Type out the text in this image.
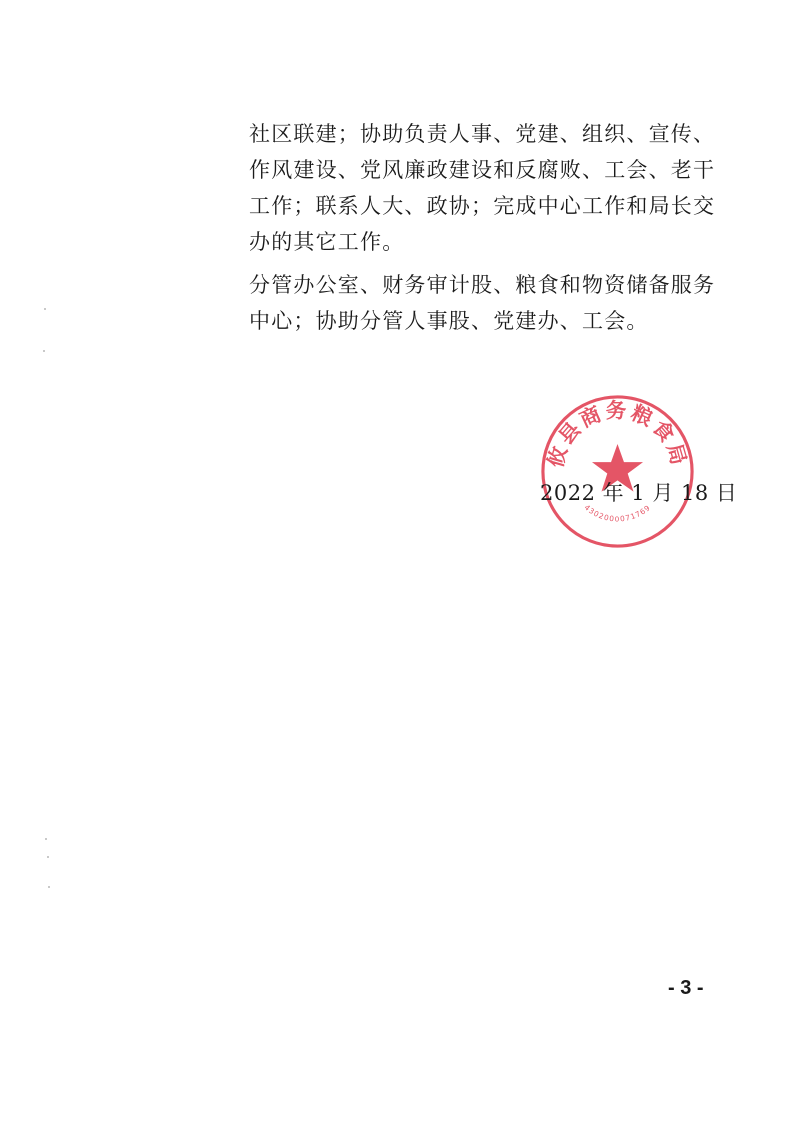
社区联建；协助负责人事、党建、组织、宣传、
作风建设、党风廉政建设和反腐败、工会、老干
工作；联系人大、政协；完成中心工作和局长交
办的其它工作。

分管办公室、财务审计股、粮食和物资储备服务
中心；协助分管人事股、党建办、工会。

攸县商务粮食局
4302000071769
2022 年 1 月 18 日
- 3 -
